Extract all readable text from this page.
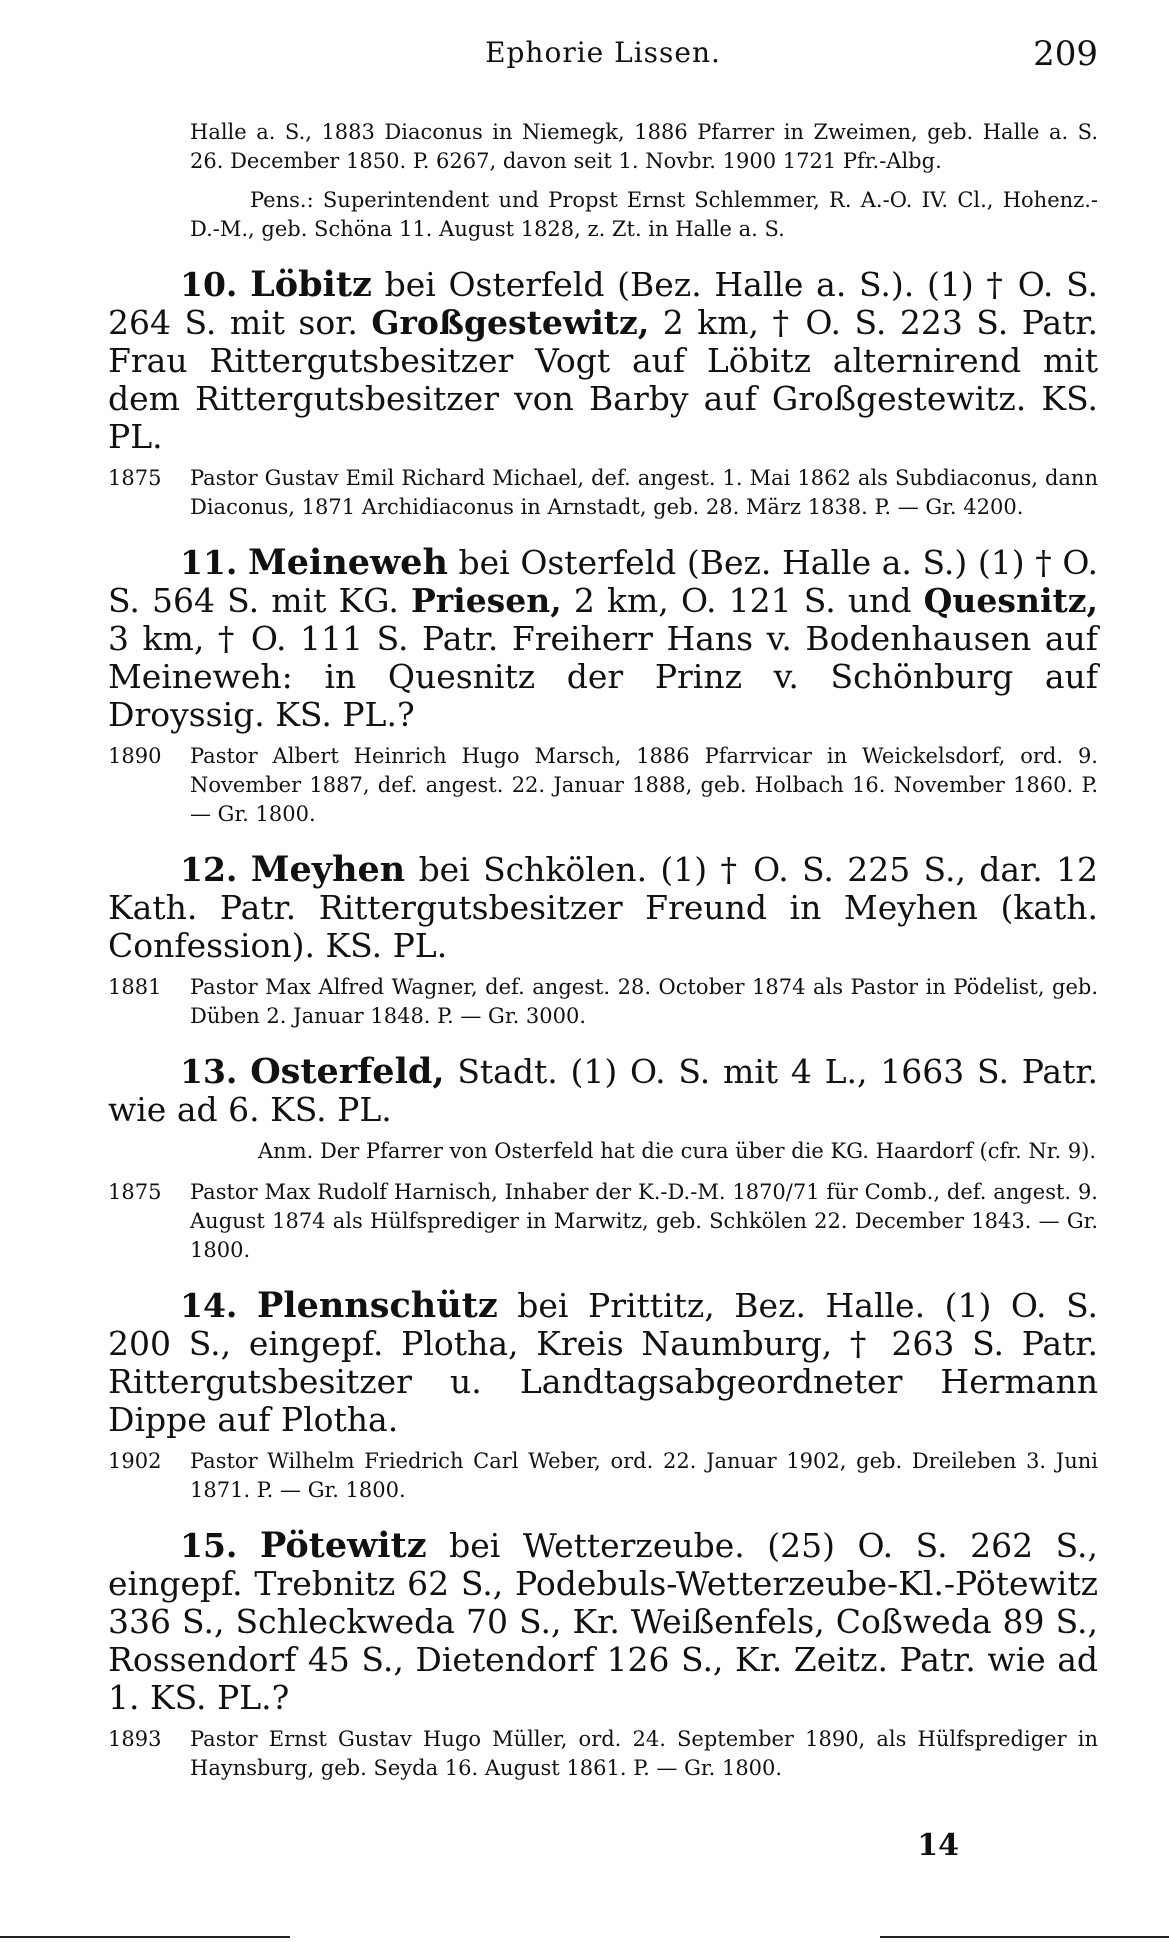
Ephorie Lissen.	209

Halle a. S., 1883 Diaconus in Niemegk, 1886 Pfarrer in Zweimen, geb. Halle a. S. 26. December 1850. P. 6267, davon seit 1. Novbr. 1900 1721 Pfr.-Albg.

Pens.: Superintendent und Propst Ernst Schlemmer, R. A.-O. IV. Cl., Hohenz.-D.-M., geb. Schöna 11. August 1828, z. Zt. in Halle a. S.

10. Löbitz bei Osterfeld (Bez. Halle a. S.). (1) † O. S. 264 S. mit sor. Großgestewitz, 2 km, † O. S. 223 S. Patr. Frau Rittergutsbesitzer Vogt auf Löbitz alternirend mit dem Rittergutsbesitzer von Barby auf Großgestewitz. KS. PL.
1875	Pastor Gustav Emil Richard Michael, def. angest. 1. Mai 1862 als Subdiaconus, dann Diaconus, 1871 Archidiaconus in Arnstadt, geb. 28. März 1838. P. — Gr. 4200.
11. Meineweh bei Osterfeld (Bez. Halle a. S.) (1) † O. S. 564 S. mit KG. Priesen, 2 km, O. 121 S. und Quesnitz, 3 km, † O. 111 S. Patr. Freiherr Hans v. Bodenhausen auf Meineweh: in Quesnitz der Prinz v. Schönburg auf Droyssig. KS. PL.?
1890	Pastor Albert Heinrich Hugo Marsch, 1886 Pfarrvicar in Weickelsdorf, ord. 9. November 1887, def. angest. 22. Januar 1888, geb. Holbach 16. November 1860. P. — Gr. 1800.
12. Meyhen bei Schkölen. (1) † O. S. 225 S., dar. 12 Kath. Patr. Rittergutsbesitzer Freund in Meyhen (kath. Confession). KS. PL.
1881	Pastor Max Alfred Wagner, def. angest. 28. October 1874 als Pastor in Pödelist, geb. Düben 2. Januar 1848. P. — Gr. 3000.
13. Osterfeld, Stadt. (1) O. S. mit 4 L., 1663 S. Patr. wie ad 6. KS. PL.
Anm. Der Pfarrer von Osterfeld hat die cura über die KG. Haardorf (cfr. Nr. 9).
1875	Pastor Max Rudolf Harnisch, Inhaber der K.-D.-M. 1870/71 für Comb., def. angest. 9. August 1874 als Hülfsprediger in Marwitz, geb. Schkölen 22. December 1843. — Gr. 1800.
14. Plennschütz bei Prittitz, Bez. Halle. (1) O. S. 200 S., eingepf. Plotha, Kreis Naumburg, † 263 S. Patr. Rittergutsbesitzer u. Landtagsabgeordneter Hermann Dippe auf Plotha.
1902	Pastor Wilhelm Friedrich Carl Weber, ord. 22. Januar 1902, geb. Dreileben 3. Juni 1871. P. — Gr. 1800.
15. Pötewitz bei Wetterzeube. (25) O. S. 262 S., eingepf. Trebnitz 62 S., Podebuls-Wetterzeube-Kl.-Pötewitz 336 S., Schleckweda 70 S., Kr. Weißenfels, Coßweda 89 S., Rossendorf 45 S., Dietendorf 126 S., Kr. Zeitz. Patr. wie ad 1. KS. PL.?
1893	Pastor Ernst Gustav Hugo Müller, ord. 24. September 1890, als Hülfsprediger in Haynsburg, geb. Seyda 16. August 1861. P. — Gr. 1800.
14
